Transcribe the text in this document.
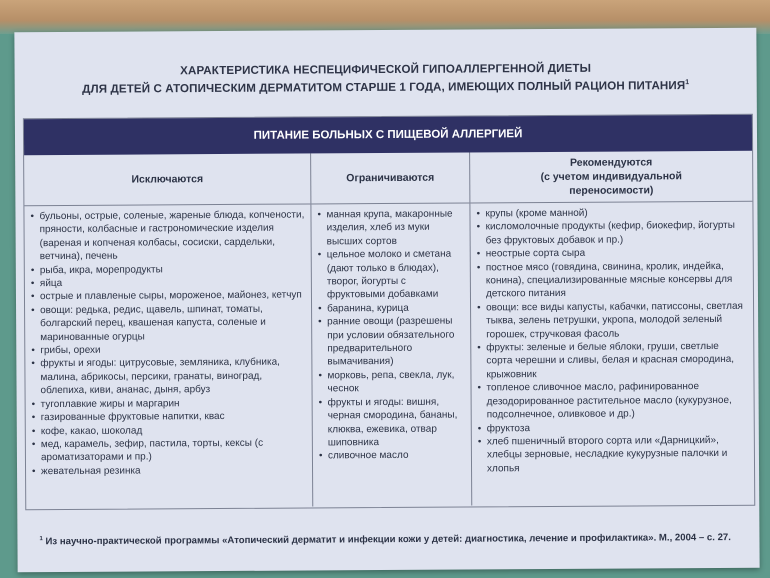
ХАРАКТЕРИСТИКА НЕСПЕЦИФИЧЕСКОЙ ГИПОАЛЛЕРГЕННОЙ ДИЕТЫ
ДЛЯ ДЕТЕЙ С АТОПИЧЕСКИМ ДЕРМАТИТОМ СТАРШЕ 1 ГОДА, ИМЕЮЩИХ ПОЛНЫЙ РАЦИОН ПИТАНИЯ$^1$
ПИТАНИЕ БОЛЬНЫХ С ПИЩЕВОЙ АЛЛЕРГИЕЙ
Исключаются
• бульоны, острые, соленые, жареные блюда, копчености, пряности, колбасные и гастрономические изделия (вареная и копченая колбасы, сосиски, сардельки, ветчина), печень
• рыба, икра, морепродукты
• яйца
• острые и плавленые сыры, мороженое, майонез, кетчуп
• овощи: редька, редис, щавель, шпинат, томаты, болгарский перец, квашеная капуста, соленые и маринованные огурцы
• грибы, орехи
• фрукты и ягоды: цитрусовые, земляника, клубника, малина, абрикосы, персики, гранаты, виноград, облепиха, киви, ананас, дыня, арбуз
• тугоплавкие жиры и маргарин
• газированные фруктовые напитки, квас
• кофе, какао, шоколад
• мед, карамель, зефир, пастила, торты, кексы (с ароматизаторами и пр.)
• жевательная резинка
Ограничиваются
• манная крупа, макаронные изделия, хлеб из муки высших сортов
• цельное молоко и сметана (дают только в блюдах), творог, йогурты с фруктовыми добавками
• баранина, курица
• ранние овощи (разрешены при условии обязательного предварительного вымачивания)
• морковь, репа, свекла, лук, чеснок
• фрукты и ягоды: вишня, черная смородина, бананы, клюква, ежевика, отвар шиповника
• сливочное масло
Рекомендуются
(с учетом индивидуальной
переносимости)
• крупы (кроме манной)
• кисломолочные продукты (кефир, биокефир, йогурты без фруктовых добавок и пр.)
• неострые сорта сыра
• постное мясо (говядина, свинина, кролик, индейка, конина), специализированные мясные консервы для детского питания
• овощи: все виды капусты, кабачки, патиссоны, светлая тыква, зелень петрушки, укропа, молодой зеленый горошек, стручковая фасоль
• фрукты: зеленые и белые яблоки, груши, светлые сорта черешни и сливы, белая и красная смородина, крыжовник
• топленое сливочное масло, рафинированное дезодорированное растительное масло (кукурузное, подсолнечное, оливковое и др.)
• фруктоза
• хлеб пшеничный второго сорта или «Дарницкий», хлебцы зерновые, несладкие кукурузные палочки и хлопья
$^1$ Из научно-практической программы «Атопический дерматит и инфекции кожи у детей: диагностика, лечение и профилактика». М., 2004 – с. 27.
